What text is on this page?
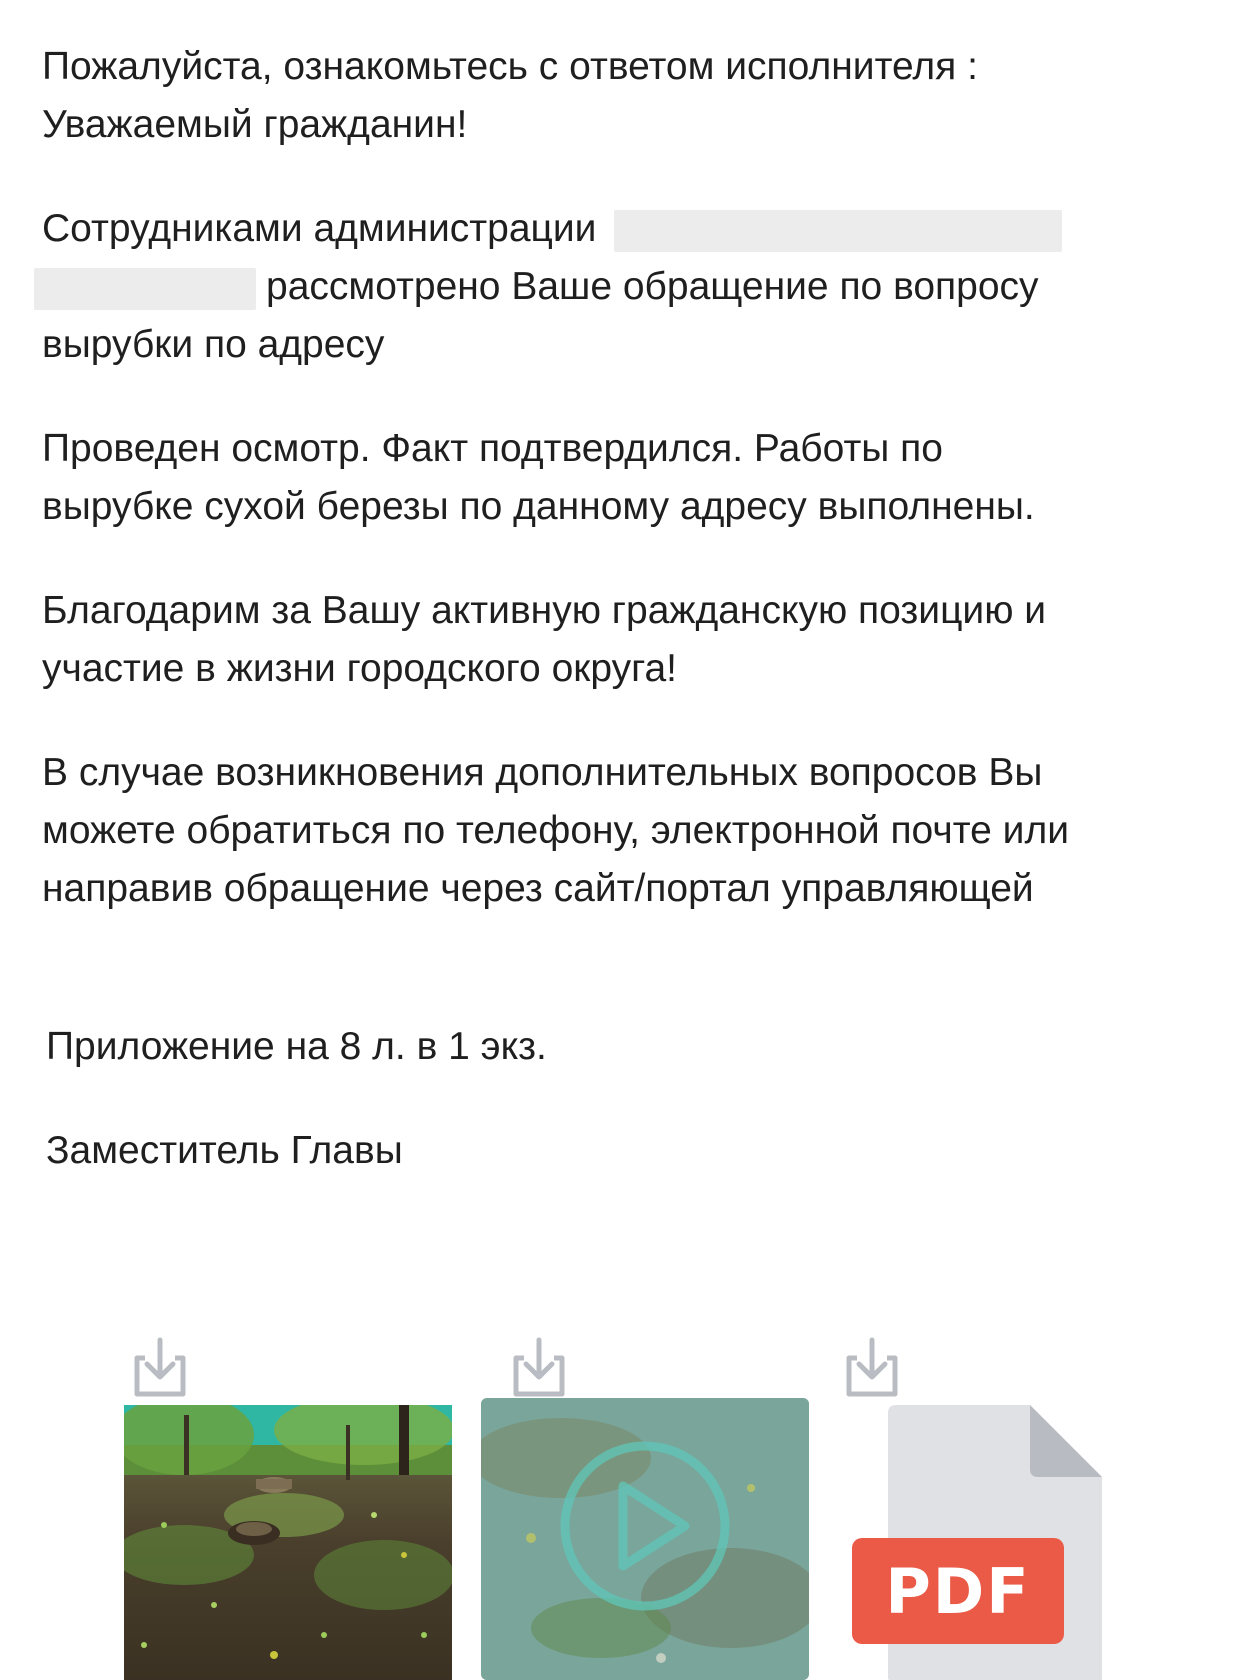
Пожалуйста, ознакомьтесь с ответом исполнителя :

Уважаемый гражданин!

Сотрудниками администрации

рассмотрено Ваше обращение по вопросу

вырубки по адресу

Проведен осмотр. Факт подтвердился. Работы по

вырубке сухой березы по данному адресу выполнены.

Благодарим за Вашу активную гражданскую позицию и

участие в жизни городского округа!

В случае возникновения дополнительных вопросов Вы

можете обратиться по телефону, электронной почте или

направив обращение через сайт/портал управляющей

Приложение на 8 л. в 1 экз.
Заместитель Главы
PDF
